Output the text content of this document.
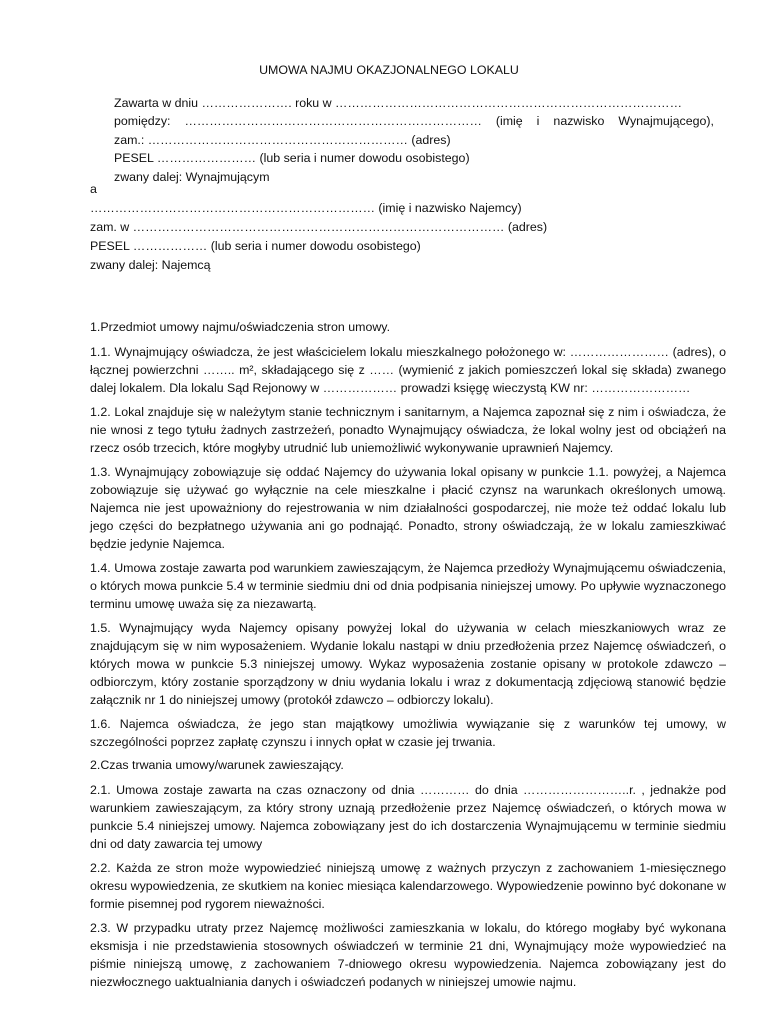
UMOWA NAJMU OKAZJONALNEGO LOKALU
Zawarta w dniu …………………. roku w …………………………………………………………………………
pomiędzy: ……………………………………………………………… (imię i nazwisko Wynajmującego),
zam.: ……………………………………………………… (adres)
PESEL …………………… (lub seria i numer dowodu osobistego)
zwany dalej: Wynajmującym
a
…………………………………………………………… (imię i nazwisko Najemcy)
zam. w ……………………………………………………………………………… (adres)
PESEL ……………… (lub seria i numer dowodu osobistego)
zwany dalej: Najemcą
1.Przedmiot umowy najmu/oświadczenia stron umowy.

1.1. Wynajmujący oświadcza, że jest właścicielem lokalu mieszkalnego położonego w: …………………… (adres), o łącznej powierzchni …….. m², składającego się z …… (wymienić z jakich pomieszczeń lokal się składa) zwanego dalej lokalem. Dla lokalu Sąd Rejonowy w ……………… prowadzi księgę wieczystą KW nr: ……………………

1.2. Lokal znajduje się w należytym stanie technicznym i sanitarnym, a Najemca zapoznał się z nim i oświadcza, że nie wnosi z tego tytułu żadnych zastrzeżeń, ponadto Wynajmujący oświadcza, że lokal wolny jest od obciążeń na rzecz osób trzecich, które mogłyby utrudnić lub uniemożliwić wykonywanie uprawnień Najemcy.

1.3. Wynajmujący zobowiązuje się oddać Najemcy do używania lokal opisany w punkcie 1.1. powyżej, a Najemca zobowiązuje się używać go wyłącznie na cele mieszkalne i płacić czynsz na warunkach określonych umową. Najemca nie jest upoważniony do rejestrowania w nim działalności gospodarczej, nie może też oddać lokalu lub jego części do bezpłatnego używania ani go podnająć. Ponadto, strony oświadczają, że w lokalu zamieszkiwać będzie jedynie Najemca.

1.4. Umowa zostaje zawarta pod warunkiem zawieszającym, że Najemca przedłoży Wynajmującemu oświadczenia, o których mowa punkcie 5.4 w terminie siedmiu dni od dnia podpisania niniejszej umowy. Po upływie wyznaczonego terminu umowę uważa się za niezawartą.

1.5. Wynajmujący wyda Najemcy opisany powyżej lokal do używania w celach mieszkaniowych wraz ze znajdującym się w nim wyposażeniem. Wydanie lokalu nastąpi w dniu przedłożenia przez Najemcę oświadczeń, o których mowa w punkcie 5.3 niniejszej umowy. Wykaz wyposażenia zostanie opisany w protokole zdawczo – odbiorczym, który zostanie sporządzony w dniu wydania lokalu i wraz z dokumentacją zdjęciową stanowić będzie załącznik nr 1 do niniejszej umowy (protokół zdawczo – odbiorczy lokalu).

1.6. Najemca oświadcza, że jego stan majątkowy umożliwia wywiązanie się z warunków tej umowy, w szczególności poprzez zapłatę czynszu i innych opłat w czasie jej trwania.

2.Czas trwania umowy/warunek zawieszający.

2.1. Umowa zostaje zawarta na czas oznaczony od dnia ………… do dnia ……………………..r. , jednakże pod warunkiem zawieszającym, za który strony uznają przedłożenie przez Najemcę oświadczeń, o których mowa w punkcie 5.4 niniejszej umowy. Najemca zobowiązany jest do ich dostarczenia Wynajmującemu w terminie siedmiu dni od daty zawarcia tej umowy

2.2. Każda ze stron może wypowiedzieć niniejszą umowę z ważnych przyczyn z zachowaniem 1-miesięcznego okresu wypowiedzenia, ze skutkiem na koniec miesiąca kalendarzowego. Wypowiedzenie powinno być dokonane w formie pisemnej pod rygorem nieważności.

2.3. W przypadku utraty przez Najemcę możliwości zamieszkania w lokalu, do którego mogłaby być wykonana eksmisja i nie przedstawienia stosownych oświadczeń w terminie 21 dni, Wynajmujący może wypowiedzieć na piśmie niniejszą umowę, z zachowaniem 7-dniowego okresu wypowiedzenia. Najemca zobowiązany jest do niezwłocznego uaktualniania danych i oświadczeń podanych w niniejszej umowie najmu.
